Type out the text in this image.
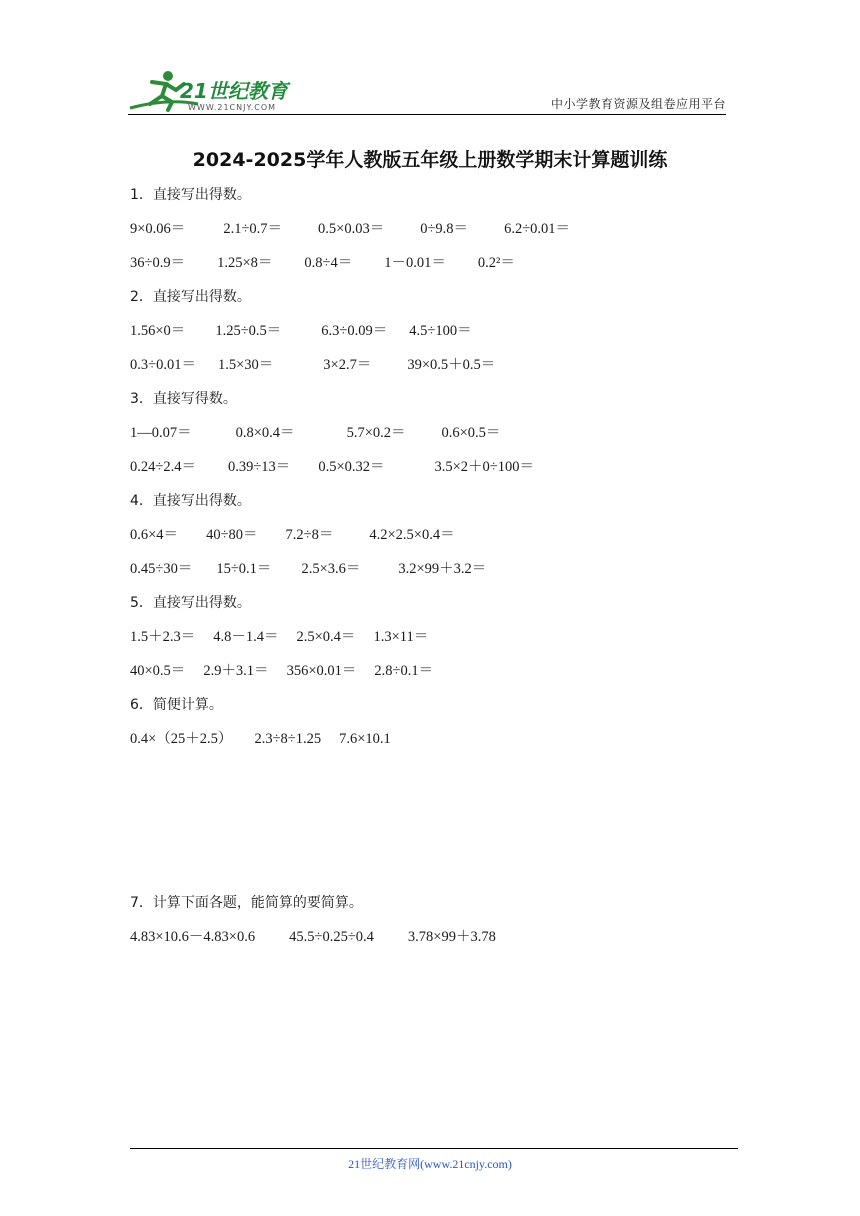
21世纪教育
WWW.21CNJY.COM	中小学教育资源及组卷应用平台
2024-2025学年人教版五年级上册数学期末计算题训练
1．直接写出得数。
9×0.06＝	2.1÷0.7＝ 0.5×0.03＝ 0÷9.8＝ 6.2÷0.01＝
36÷0.9＝ 1.25×8＝ 0.8÷4＝ 1－0.01＝ 0.2²＝
2．直接写出得数。
1.56×0＝ 1.25÷0.5＝	6.3÷0.09＝ 4.5÷100＝
0.3÷0.01＝ 1.5×30＝	3×2.7＝ 39×0.5＋0.5＝
3．直接写得数。
1—0.07＝	0.8×0.4＝	5.7×0.2＝ 0.6×0.5＝
0.24÷2.4＝ 0.39÷13＝ 0.5×0.32＝	3.5×2＋0÷100＝
4．直接写出得数。
0.6×4＝ 40÷80＝ 7.2÷8＝ 4.2×2.5×0.4＝
0.45÷30＝ 15÷0.1＝ 2.5×3.6＝	3.2×99＋3.2＝
5．直接写出得数。
1.5＋2.3＝ 4.8－1.4＝ 2.5×0.4＝ 1.3×11＝
40×0.5＝ 2.9＋3.1＝ 356×0.01＝ 2.8÷0.1＝
6．简便计算。
0.4×（25＋2.5） 2.3÷8÷1.25 7.6×10.1
7．计算下面各题，能简算的要简算。
4.83×10.6－4.83×0.6 45.5÷0.25÷0.4 3.78×99＋3.78
21世纪教育网(www.21cnjy.com)
